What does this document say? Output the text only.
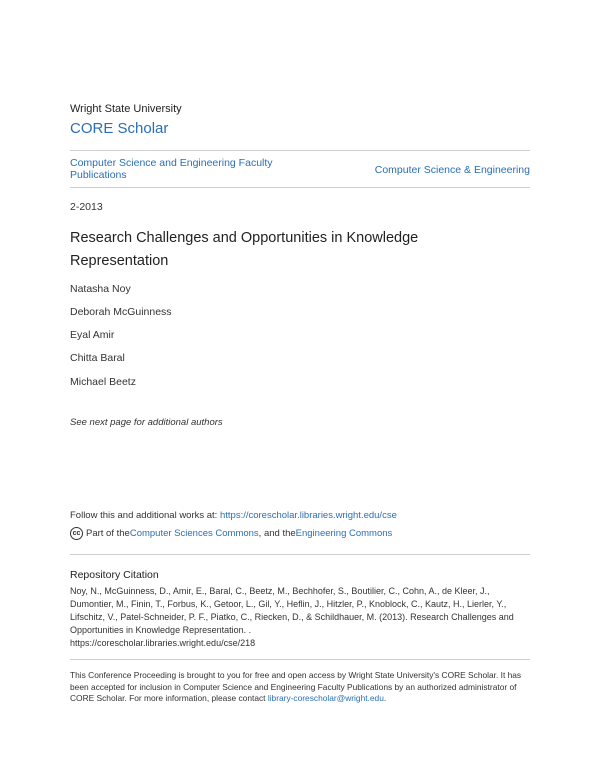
Wright State University
CORE Scholar
Computer Science and Engineering Faculty Publications	Computer Science & Engineering
2-2013
Research Challenges and Opportunities in Knowledge Representation
Natasha Noy
Deborah McGuinness
Eyal Amir
Chitta Baral
Michael Beetz
See next page for additional authors
Follow this and additional works at: https://corescholar.libraries.wright.edu/cse
cc Part of the Computer Sciences Commons , and the Engineering Commons
Repository Citation
Noy, N., McGuinness, D., Amir, E., Baral, C., Beetz, M., Bechhofer, S., Boutilier, C., Cohn, A., de Kleer, J., Dumontier, M., Finin, T., Forbus, K., Getoor, L., Gil, Y., Heflin, J., Hitzler, P., Knoblock, C., Kautz, H., Lierler, Y., Lifschitz, V., Patel-Schneider, P. F., Piatko, C., Riecken, D., & Schildhauer, M. (2013). Research Challenges and Opportunities in Knowledge Representation. .
https://corescholar.libraries.wright.edu/cse/218
This Conference Proceeding is brought to you for free and open access by Wright State University's CORE Scholar. It has been accepted for inclusion in Computer Science and Engineering Faculty Publications by an authorized administrator of CORE Scholar. For more information, please contact library-corescholar@wright.edu.
